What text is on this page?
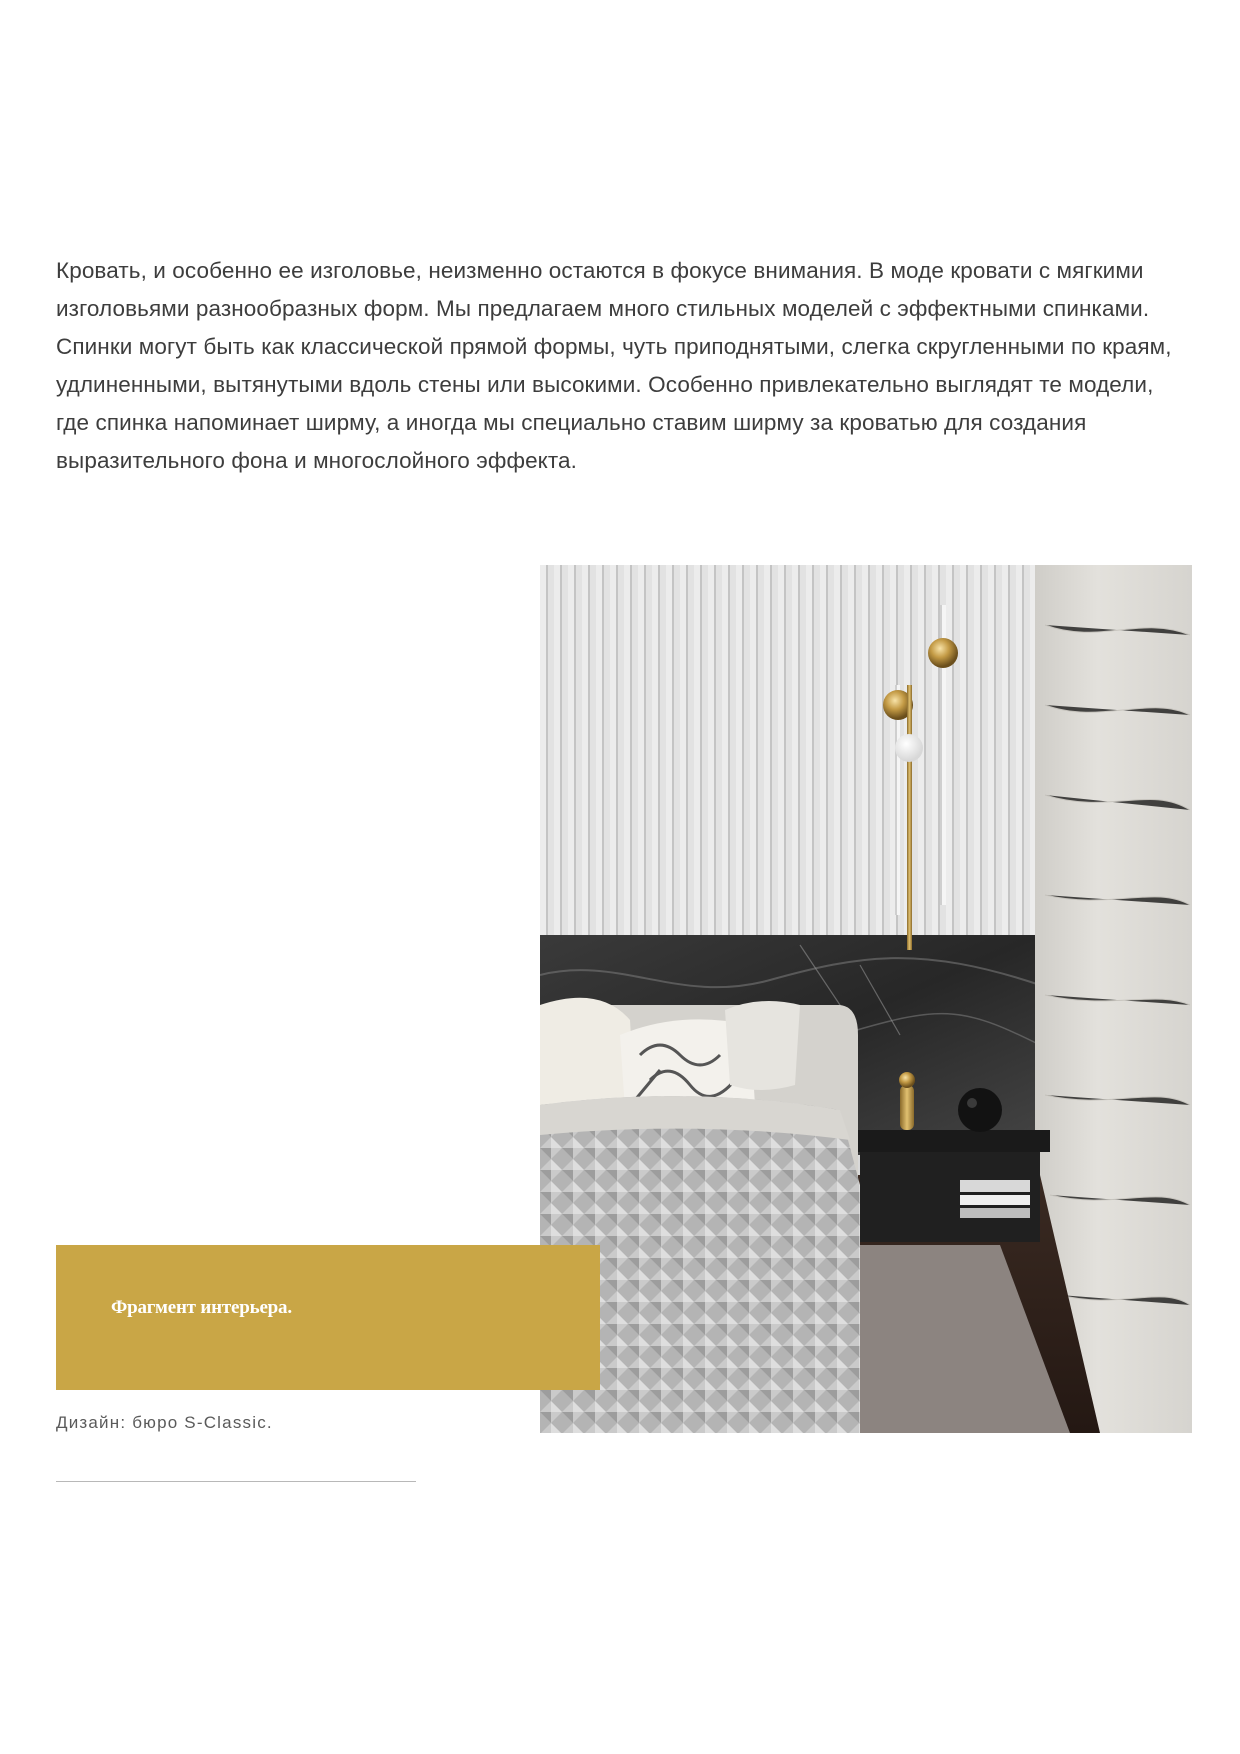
Кровать, и особенно ее изголовье, неизменно остаются в фокусе внимания. В моде кровати с мягкими изголовьями разнообразных форм. Мы предлагаем много стильных моделей с эффектными спинками. Спинки могут быть как классической прямой формы, чуть приподнятыми, слегка скругленными по краям, удлиненными, вытянутыми вдоль стены или высокими. Особенно привлекательно выглядят те модели, где спинка напоминает ширму, а иногда мы специально ставим ширму за кроватью для создания выразительного фона и многослойного эффекта.

Фрагмент интерьера.
Дизайн: бюро S-Classic.
